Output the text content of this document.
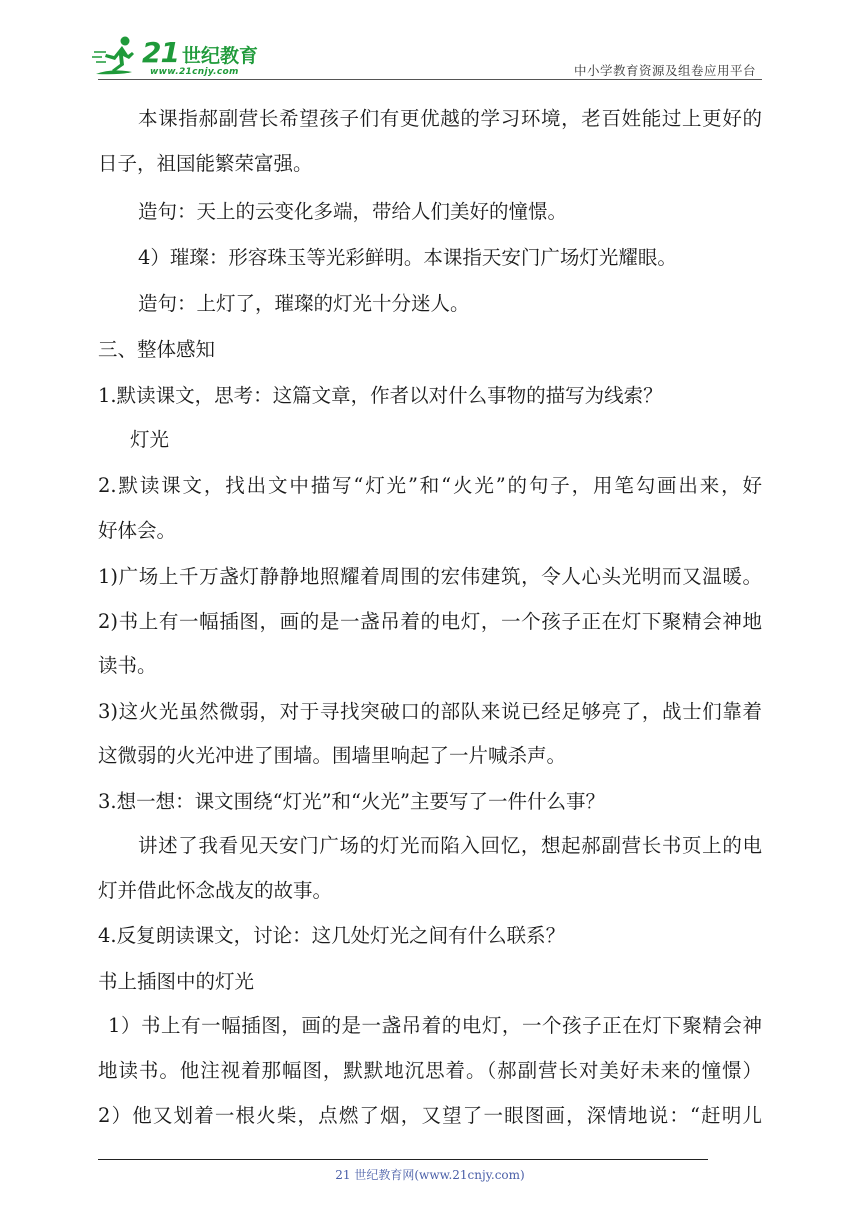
21 世纪教育
www.21cnjy.com	中小学教育资源及组卷应用平台
本课指郝副营长希望孩子们有更优越的学习环境，老百姓能过上更好的
日子，祖国能繁荣富强。
造句：天上的云变化多端，带给人们美好的憧憬。
4）璀璨：形容珠玉等光彩鲜明。本课指天安门广场灯光耀眼。
造句：上灯了，璀璨的灯光十分迷人。
三、整体感知
1.默读课文，思考：这篇文章，作者以对什么事物的描写为线索？
灯光
2.默读课文，找出文中描写“灯光”和“火光”的句子，用笔勾画出来，好
好体会。
1)广场上千万盏灯静静地照耀着周围的宏伟建筑，令人心头光明而又温暖。
2)书上有一幅插图，画的是一盏吊着的电灯，一个孩子正在灯下聚精会神地
读书。
3)这火光虽然微弱，对于寻找突破口的部队来说已经足够亮了，战士们靠着
这微弱的火光冲进了围墙。围墙里响起了一片喊杀声。
3.想一想：课文围绕“灯光”和“火光”主要写了一件什么事？
讲述了我看见天安门广场的灯光而陷入回忆，想起郝副营长书页上的电
灯并借此怀念战友的故事。
4.反复朗读课文，讨论：这几处灯光之间有什么联系？
书上插图中的灯光
1）书上有一幅插图，画的是一盏吊着的电灯，一个孩子正在灯下聚精会神
地读书。他注视着那幅图，默默地沉思着。（郝副营长对美好未来的憧憬）
2）他又划着一根火柴，点燃了烟，又望了一眼图画，深情地说：“赶明儿
21 世纪教育网(www.21cnjy.com)
